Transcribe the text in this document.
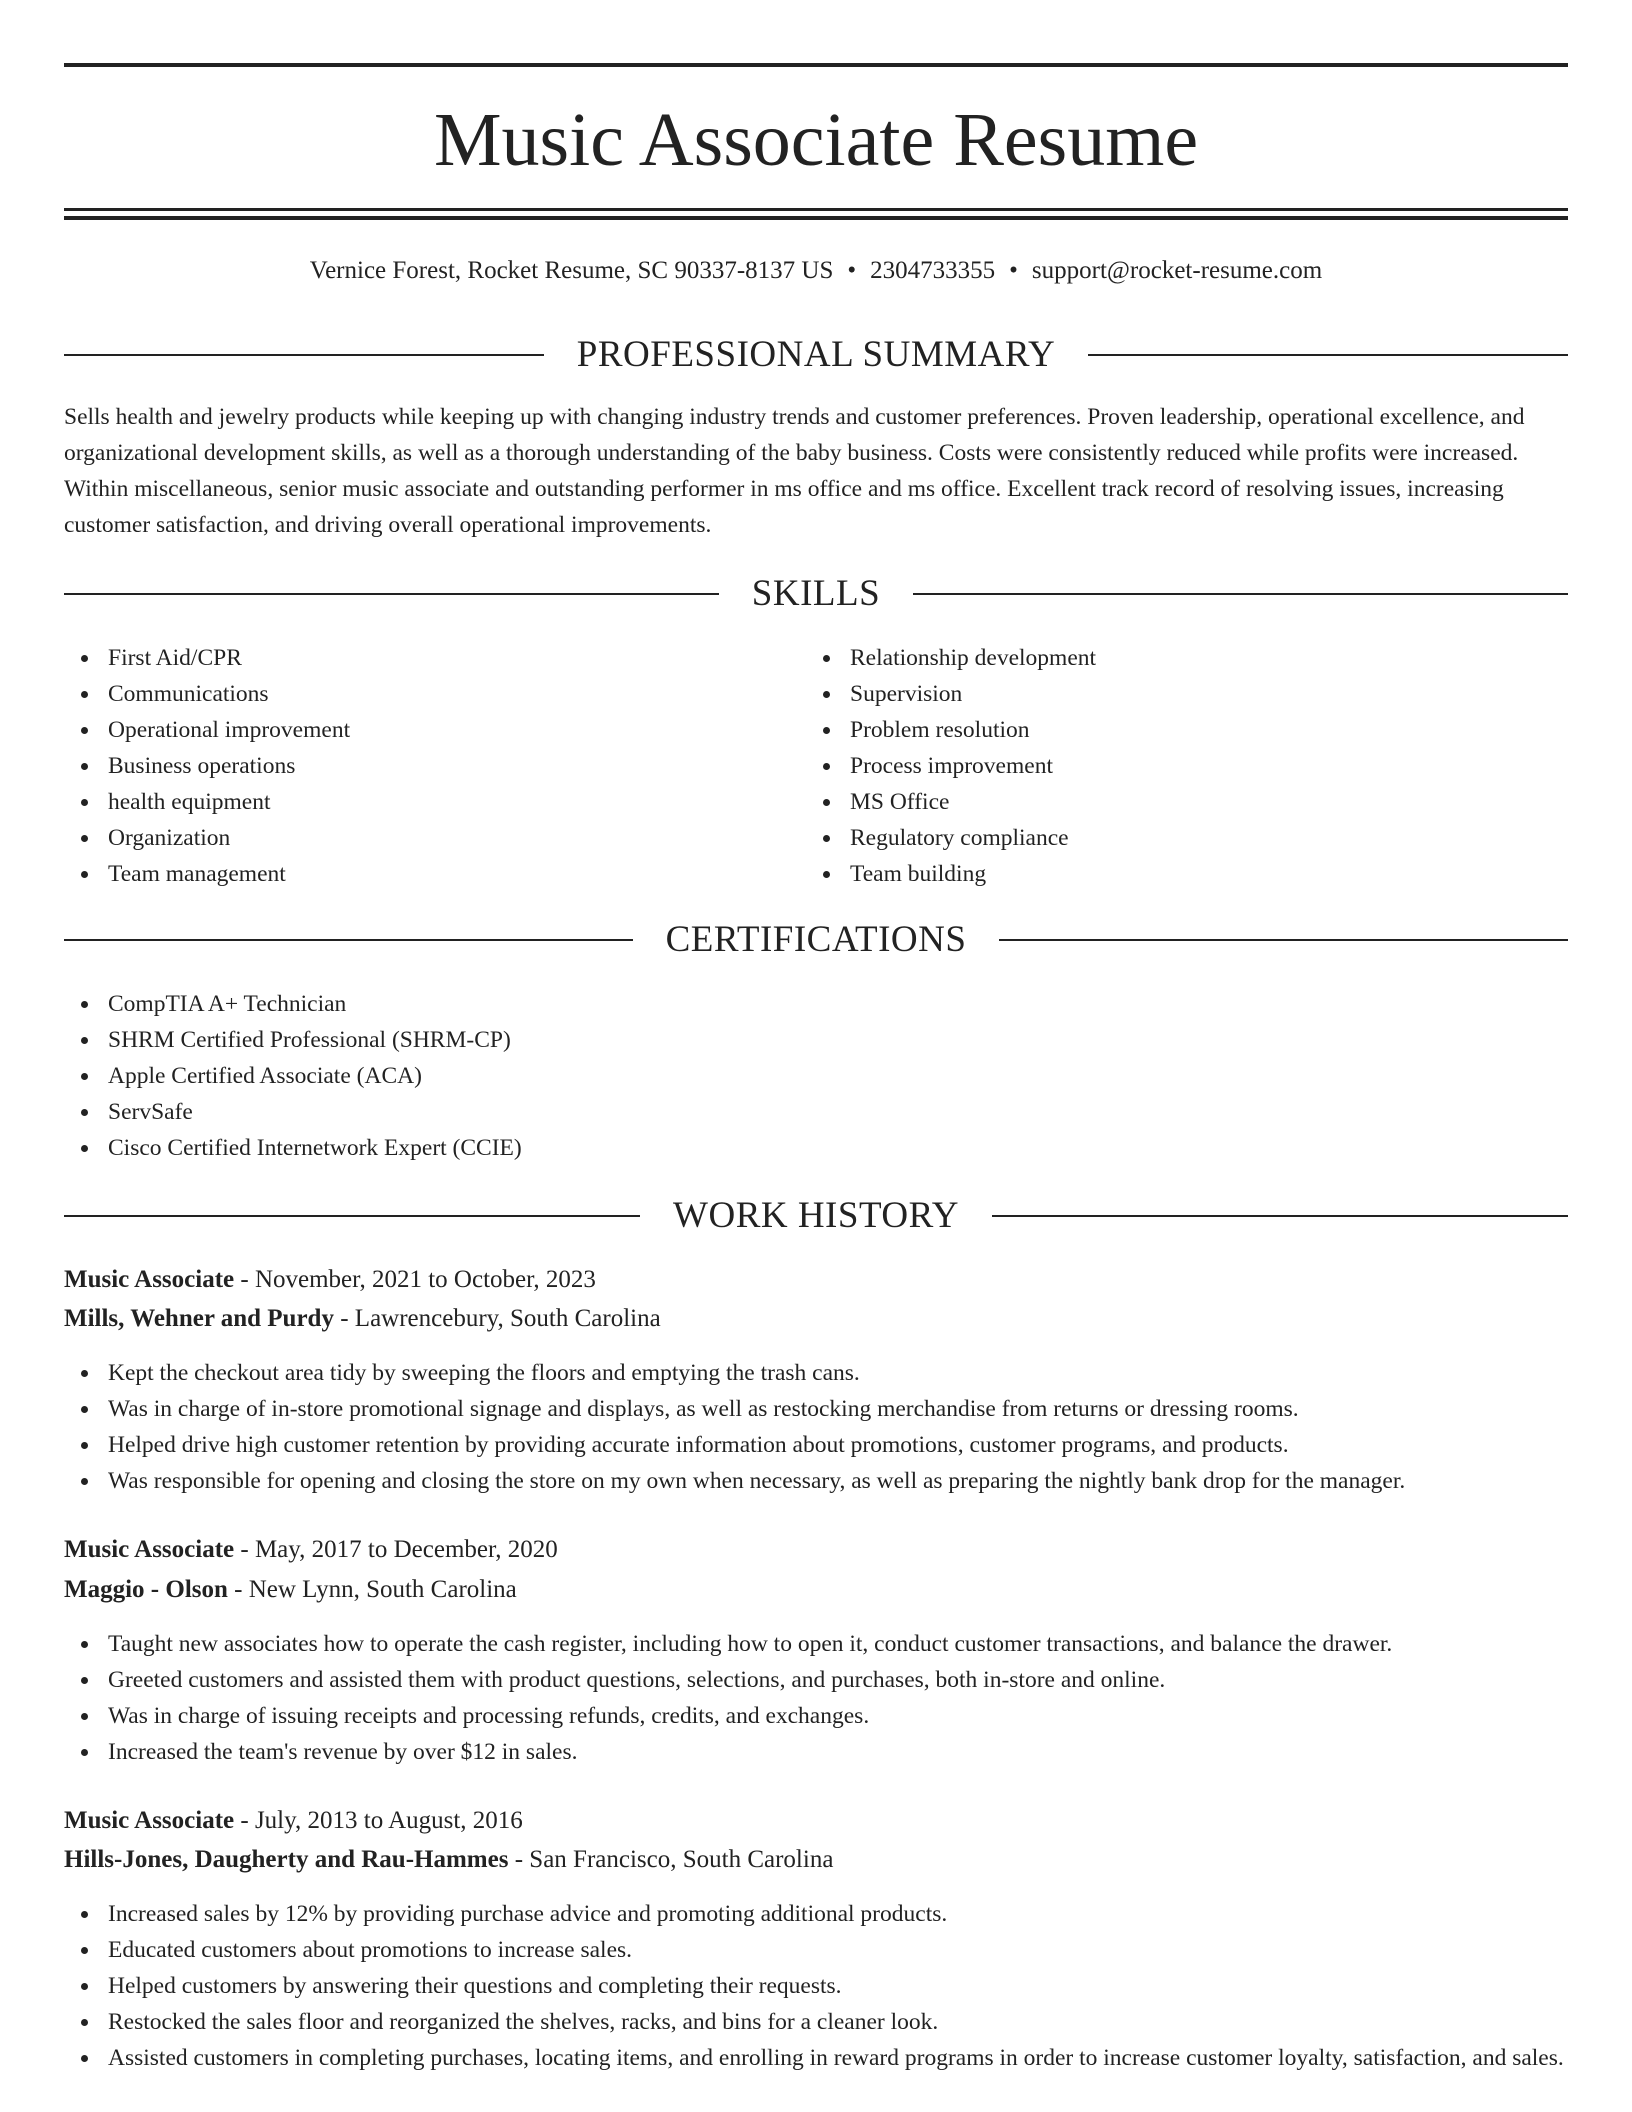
Music Associate Resume
Vernice Forest, Rocket Resume, SC 90337-8137 US • 2304733355 • support@rocket-resume.com
PROFESSIONAL SUMMARY

Sells health and jewelry products while keeping up with changing industry trends and customer preferences. Proven leadership, operational excellence, and organizational development skills, as well as a thorough understanding of the baby business. Costs were consistently reduced while profits were increased. Within miscellaneous, senior music associate and outstanding performer in ms office and ms office. Excellent track record of resolving issues, increasing customer satisfaction, and driving overall operational improvements.

SKILLS
First Aid/CPR
Communications
Operational improvement
Business operations
health equipment
Organization
Team management
Relationship development
Supervision
Problem resolution
Process improvement
MS Office
Regulatory compliance
Team building
CERTIFICATIONS
CompTIA A+ Technician
SHRM Certified Professional (SHRM-CP)
Apple Certified Associate (ACA)
ServSafe
Cisco Certified Internetwork Expert (CCIE)
WORK HISTORY
Music Associate - November, 2021 to October, 2023
Mills, Wehner and Purdy - Lawrencebury, South Carolina
Kept the checkout area tidy by sweeping the floors and emptying the trash cans.
Was in charge of in-store promotional signage and displays, as well as restocking merchandise from returns or dressing rooms.
Helped drive high customer retention by providing accurate information about promotions, customer programs, and products.
Was responsible for opening and closing the store on my own when necessary, as well as preparing the nightly bank drop for the manager.
Music Associate - May, 2017 to December, 2020
Maggio - Olson - New Lynn, South Carolina
Taught new associates how to operate the cash register, including how to open it, conduct customer transactions, and balance the drawer.
Greeted customers and assisted them with product questions, selections, and purchases, both in-store and online.
Was in charge of issuing receipts and processing refunds, credits, and exchanges.
Increased the team's revenue by over $12 in sales.
Music Associate - July, 2013 to August, 2016
Hills-Jones, Daugherty and Rau-Hammes - San Francisco, South Carolina
Increased sales by 12% by providing purchase advice and promoting additional products.
Educated customers about promotions to increase sales.
Helped customers by answering their questions and completing their requests.
Restocked the sales floor and reorganized the shelves, racks, and bins for a cleaner look.
Assisted customers in completing purchases, locating items, and enrolling in reward programs in order to increase customer loyalty, satisfaction, and sales.
